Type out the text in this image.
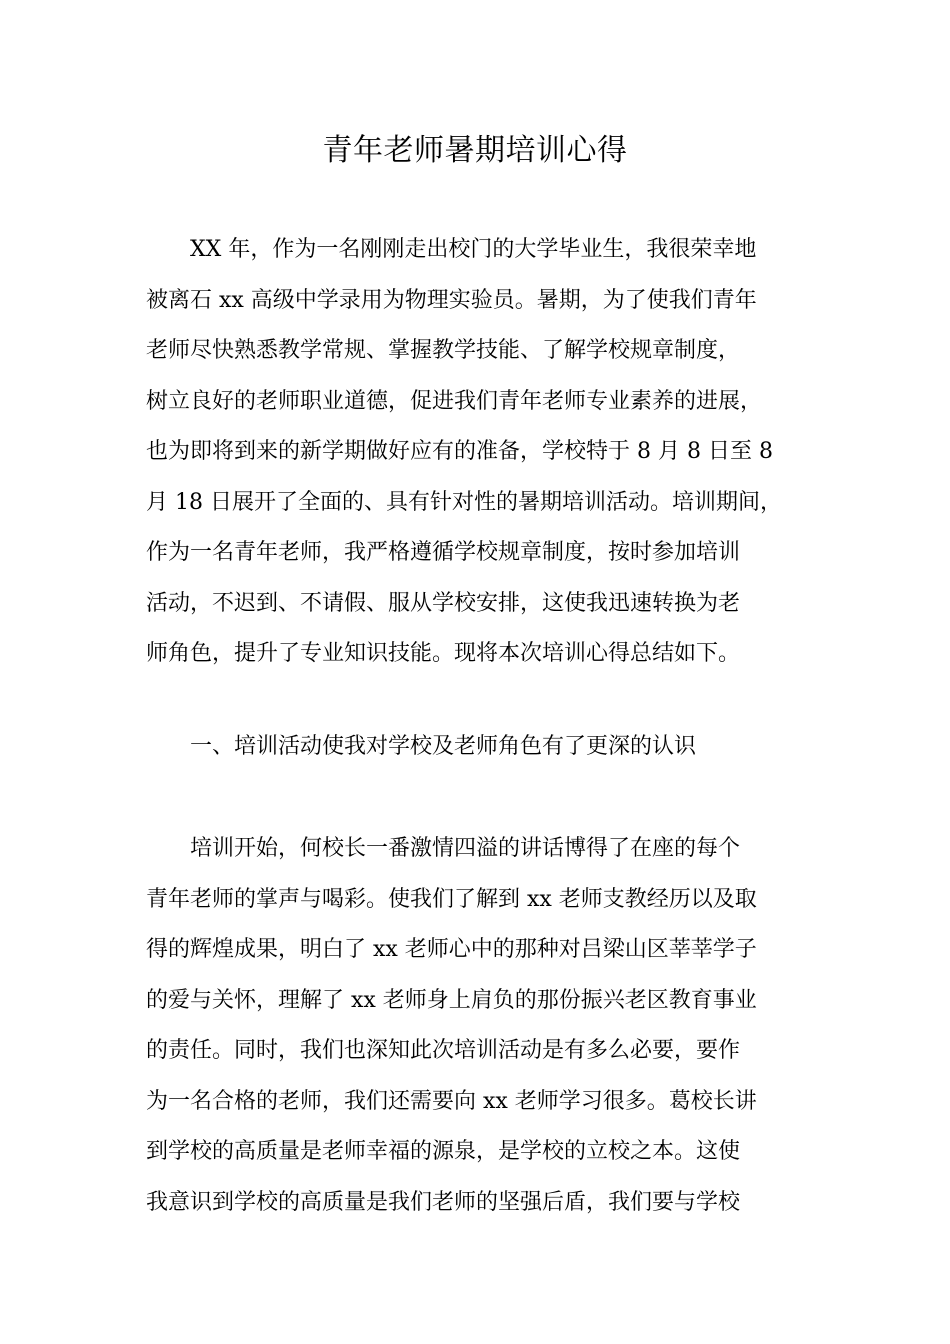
青年老师暑期培训心得
XX 年，作为一名刚刚走出校门的大学毕业生，我很荣幸地
被离石 xx 高级中学录用为物理实验员。暑期，为了使我们青年
老师尽快熟悉教学常规、掌握教学技能、了解学校规章制度，
树立良好的老师职业道德，促进我们青年老师专业素养的进展，
也为即将到来的新学期做好应有的准备，学校特于 8 月 8 日至 8
月 18 日展开了全面的、具有针对性的暑期培训活动。培训期间，
作为一名青年老师，我严格遵循学校规章制度，按时参加培训
活动，不迟到、不请假、服从学校安排，这使我迅速转换为老
师角色，提升了专业知识技能。现将本次培训心得总结如下。
一、培训活动使我对学校及老师角色有了更深的认识
培训开始，何校长一番激情四溢的讲话博得了在座的每个
青年老师的掌声与喝彩。使我们了解到 xx 老师支教经历以及取
得的辉煌成果，明白了 xx 老师心中的那种对吕梁山区莘莘学子
的爱与关怀，理解了 xx 老师身上肩负的那份振兴老区教育事业
的责任。同时，我们也深知此次培训活动是有多么必要，要作
为一名合格的老师，我们还需要向 xx 老师学习很多。葛校长讲
到学校的高质量是老师幸福的源泉，是学校的立校之本。这使
我意识到学校的高质量是我们老师的坚强后盾，我们要与学校
